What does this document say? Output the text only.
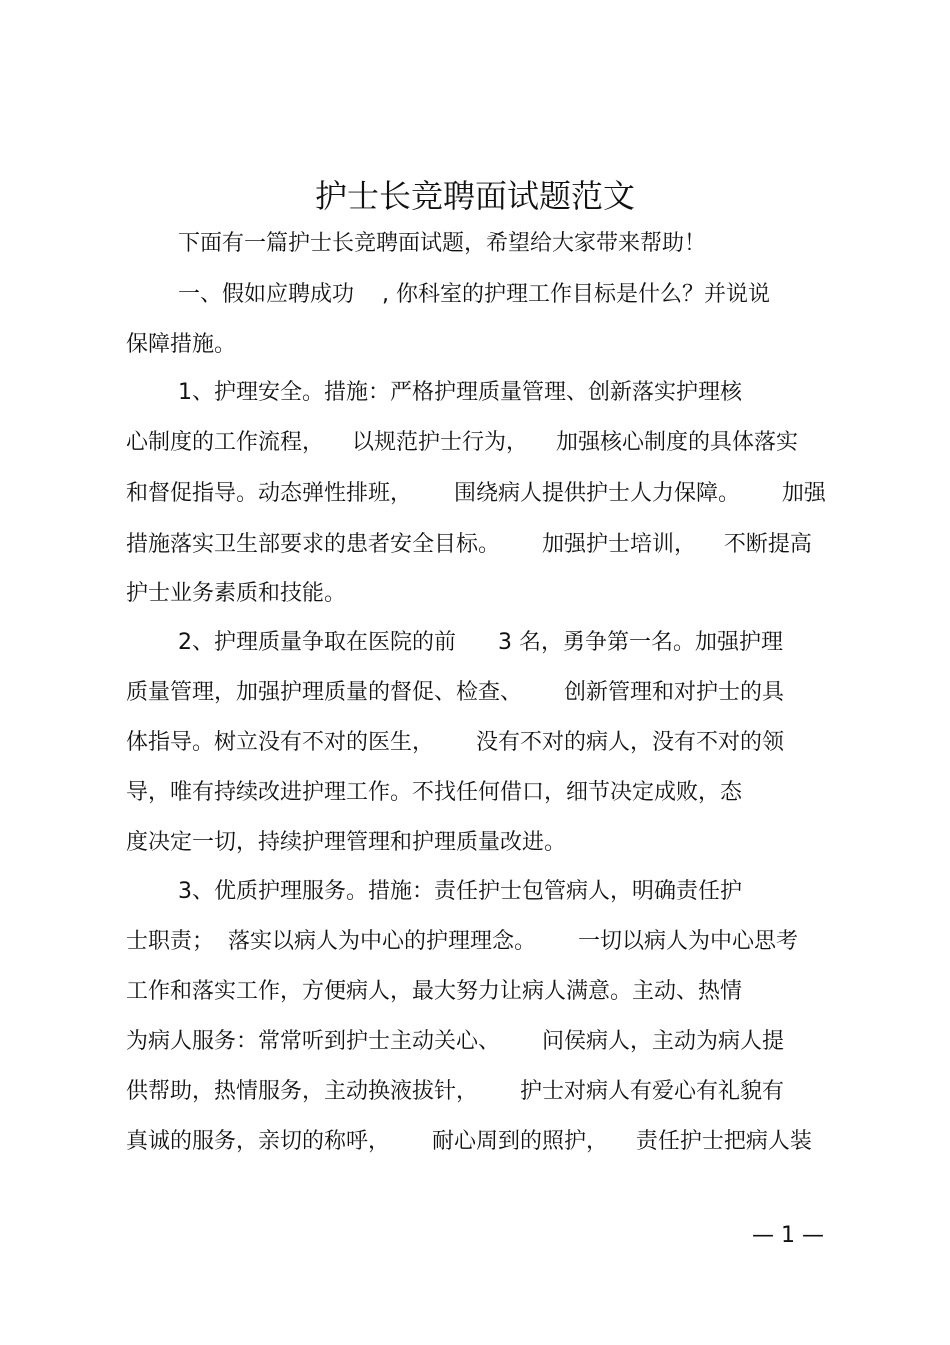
护士长竞聘面试题范文
下面有一篇护士长竞聘面试题，希望给大家带来帮助！
一、假如应聘成功    , 你科室的护理工作目标是什么？并说说
保障措施。
1、护理安全。措施：严格护理质量管理、创新落实护理核
心制度的工作流程，    以规范护士行为，    加强核心制度的具体落实
和督促指导。动态弹性排班，      围绕病人提供护士人力保障。      加强
措施落实卫生部要求的患者安全目标。      加强护士培训，    不断提高
护士业务素质和技能。
2、护理质量争取在医院的前      3 名，勇争第一名。加强护理
质量管理，加强护理质量的督促、检查、      创新管理和对护士的具
体指导。树立没有不对的医生，      没有不对的病人，没有不对的领
导，唯有持续改进护理工作。不找任何借口，细节决定成败，态
度决定一切，持续护理管理和护理质量改进。
3、优质护理服务。措施：责任护士包管病人，明确责任护
士职责；  落实以病人为中心的护理理念。      一切以病人为中心思考
工作和落实工作，方便病人，最大努力让病人满意。主动、热情
为病人服务：常常听到护士主动关心、      问侯病人，主动为病人提
供帮助，热情服务，主动换液拔针，      护士对病人有爱心有礼貌有
真诚的服务，亲切的称呼，      耐心周到的照护，    责任护士把病人装
— 1 —
